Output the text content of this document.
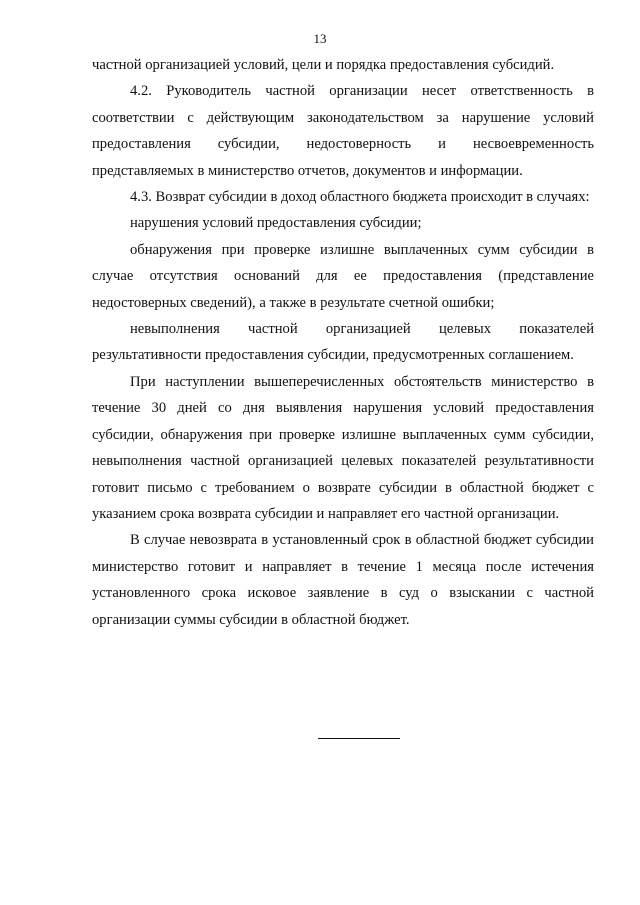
13

частной организацией условий, цели и порядка предоставления субсидий.

4.2. Руководитель частной организации несет ответственность в соответствии с действующим законодательством за нарушение условий предоставления субсидии, недостоверность и несвоевременность представляемых в министерство отчетов, документов и информации.

4.3. Возврат субсидии в доход областного бюджета происходит в случаях:

нарушения условий предоставления субсидии;

обнаружения при проверке излишне выплаченных сумм субсидии в случае отсутствия оснований для ее предоставления (представление недостоверных сведений), а также в результате счетной ошибки;

невыполнения частной организацией целевых показателей результативности предоставления субсидии, предусмотренных соглашением.

При наступлении вышеперечисленных обстоятельств министерство в течение 30 дней со дня выявления нарушения условий предоставления субсидии, обнаружения при проверке излишне выплаченных сумм субсидии, невыполнения частной организацией целевых показателей результативности готовит письмо с требованием о возврате субсидии в областной бюджет с указанием срока возврата субсидии и направляет его частной организации.

В случае невозврата в установленный срок в областной бюджет субсидии министерство готовит и направляет в течение 1 месяца после истечения установленного срока исковое заявление в суд о взыскании с частной организации суммы субсидии в областной бюджет.
